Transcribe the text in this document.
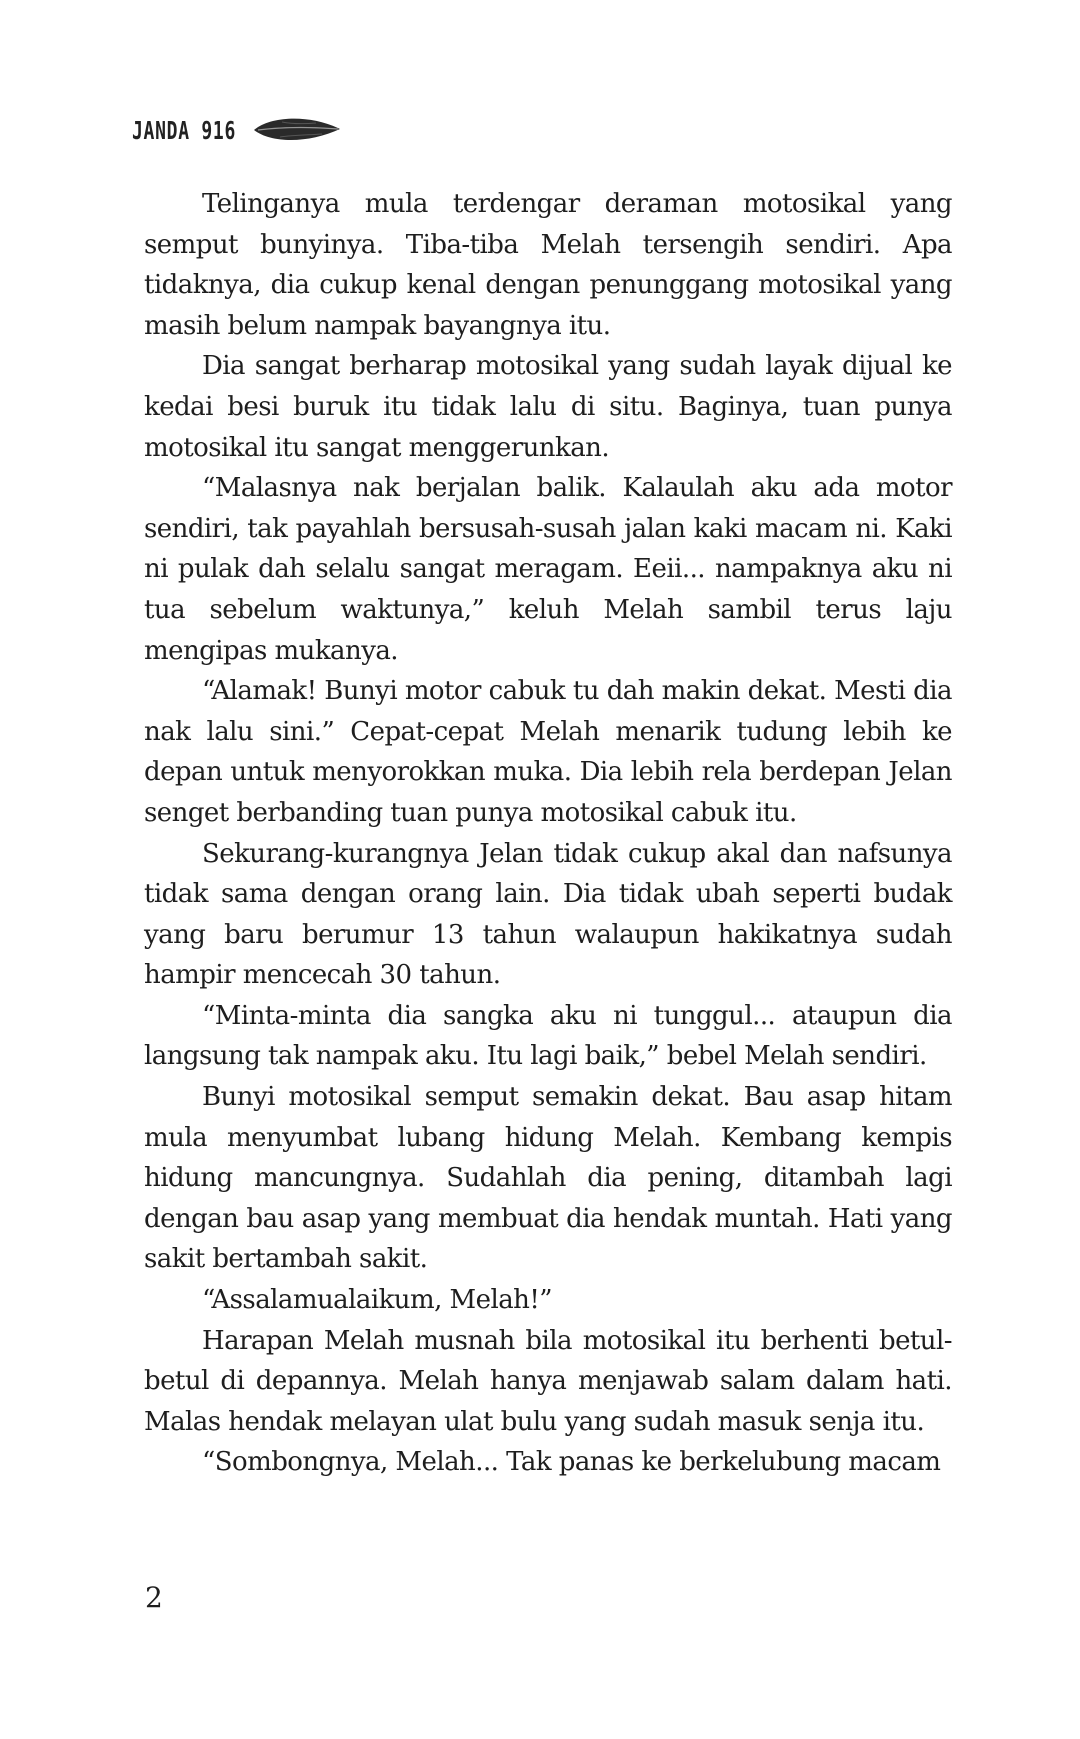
JANDA 916

Telinganya mula terdengar deraman motosikal yang semput bunyinya. Tiba-tiba Melah tersengih sendiri. Apa tidaknya, dia cukup kenal dengan penunggang motosikal yang masih belum nampak bayangnya itu.

Dia sangat berharap motosikal yang sudah layak dijual ke kedai besi buruk itu tidak lalu di situ. Baginya, tuan punya motosikal itu sangat menggerunkan.

“Malasnya nak berjalan balik. Kalaulah aku ada motor sendiri, tak payahlah bersusah-susah jalan kaki macam ni. Kaki ni pulak dah selalu sangat meragam. Eeii... nampaknya aku ni tua sebelum waktunya,” keluh Melah sambil terus laju mengipas mukanya.

“Alamak! Bunyi motor cabuk tu dah makin dekat. Mesti dia nak lalu sini.” Cepat-cepat Melah menarik tudung lebih ke depan untuk menyorokkan muka. Dia lebih rela berdepan Jelan senget berbanding tuan punya motosikal cabuk itu.

Sekurang-kurangnya Jelan tidak cukup akal dan nafsunya tidak sama dengan orang lain. Dia tidak ubah seperti budak yang baru berumur 13 tahun walaupun hakikatnya sudah hampir mencecah 30 tahun.

“Minta-minta dia sangka aku ni tunggul... ataupun dia langsung tak nampak aku. Itu lagi baik,” bebel Melah sendiri.

Bunyi motosikal semput semakin dekat. Bau asap hitam mula menyumbat lubang hidung Melah. Kembang kempis hidung mancungnya. Sudahlah dia pening, ditambah lagi dengan bau asap yang membuat dia hendak muntah. Hati yang sakit bertambah sakit.

“Assalamualaikum, Melah!”

Harapan Melah musnah bila motosikal itu berhenti betul-betul di depannya. Melah hanya menjawab salam dalam hati. Malas hendak melayan ulat bulu yang sudah masuk senja itu.

“Sombongnya, Melah... Tak panas ke berkelubung macam

2
